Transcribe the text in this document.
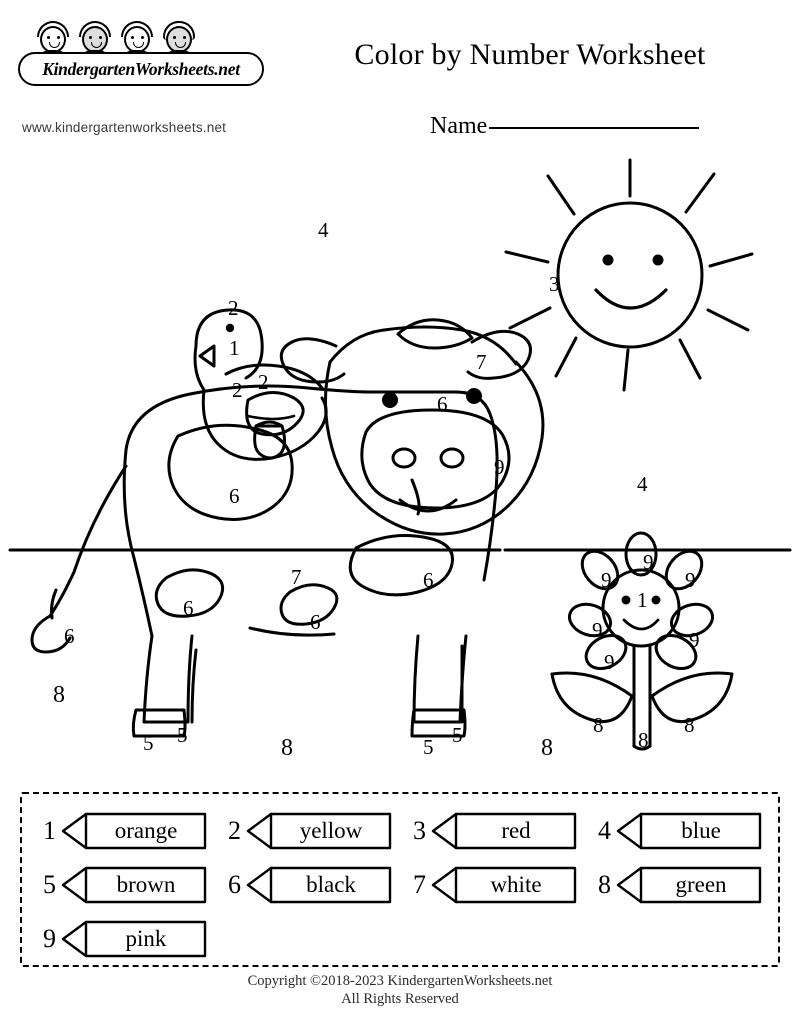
KindergartenWorksheets.net
www.kindergartenworksheets.net
Color by Number Worksheet
Name
4
2
1
2 2
3
7
6
9
6	4
7	6
6
6
6
9
9	9
1
9	9
9
8
8
5 5	5 5	8
8
8
8
1	orange	2	yellow	3	red	4	blue
5	brown	6	black	7	white	8	green
9	pink
Copyright ©2018-2023 KindergartenWorksheets.net
All Rights Reserved
